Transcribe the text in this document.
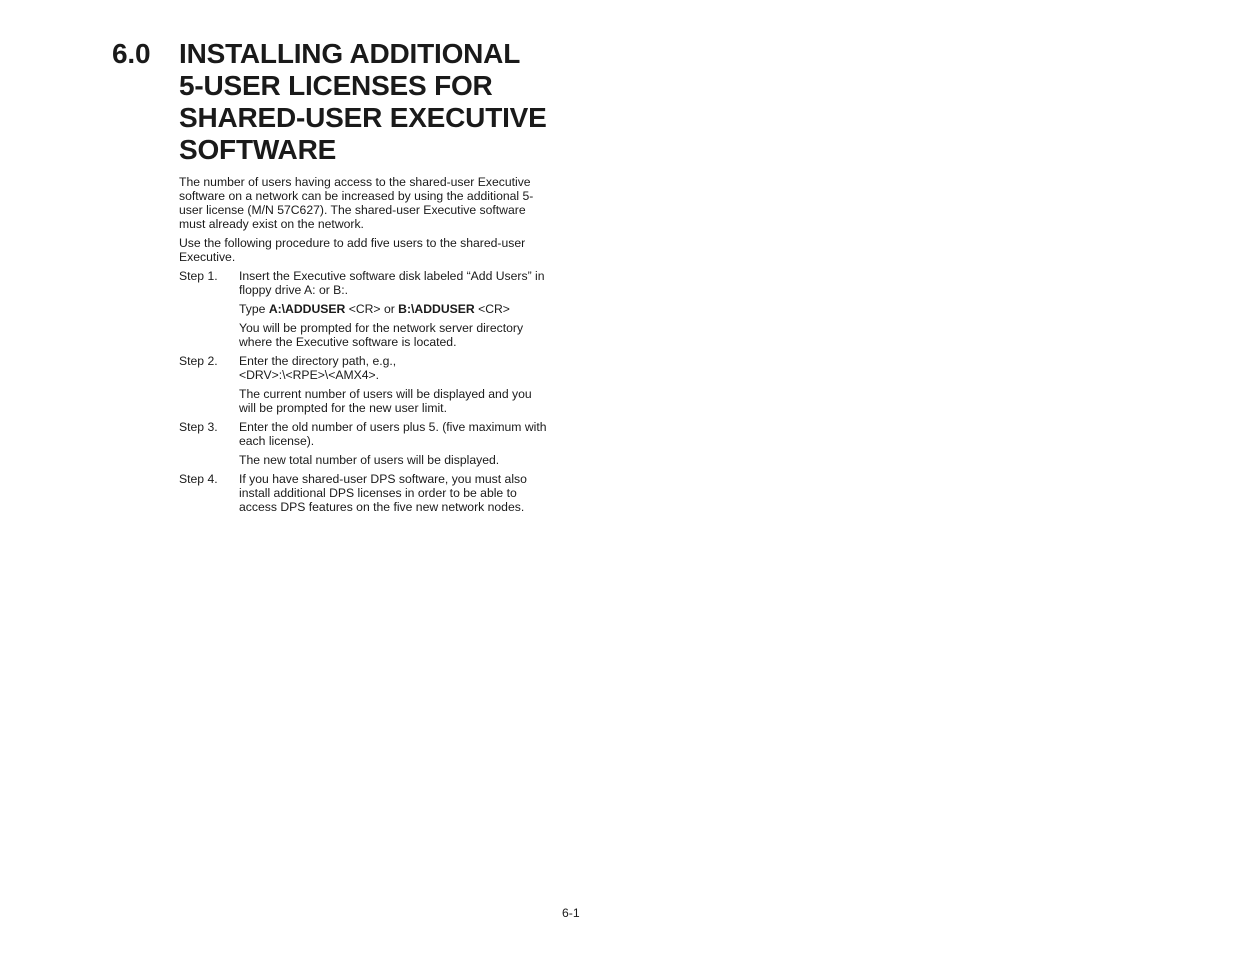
6.0	INSTALLING ADDITIONAL
5-USER LICENSES FOR
SHARED-USER EXECUTIVE
SOFTWARE
The number of users having access to the shared-user Executive
software on a network can be increased by using the additional 5-
user license (M/N 57C627). The shared-user Executive software
must already exist on the network.
Use the following procedure to add five users to the shared-user
Executive.
Step 1.	Insert the Executive software disk labeled “Add Users” in
floppy drive A: or B:.
Type A:\ADDUSER <CR> or B:\ADDUSER <CR>
You will be prompted for the network server directory
where the Executive software is located.
Step 2.	Enter the directory path, e.g.,
<DRV>:\<RPE>\<AMX4>.
The current number of users will be displayed and you
will be prompted for the new user limit.
Step 3.	Enter the old number of users plus 5. (five maximum with
each license).
The new total number of users will be displayed.
Step 4.	If you have shared-user DPS software, you must also
install additional DPS licenses in order to be able to
access DPS features on the five new network nodes.
6-1
